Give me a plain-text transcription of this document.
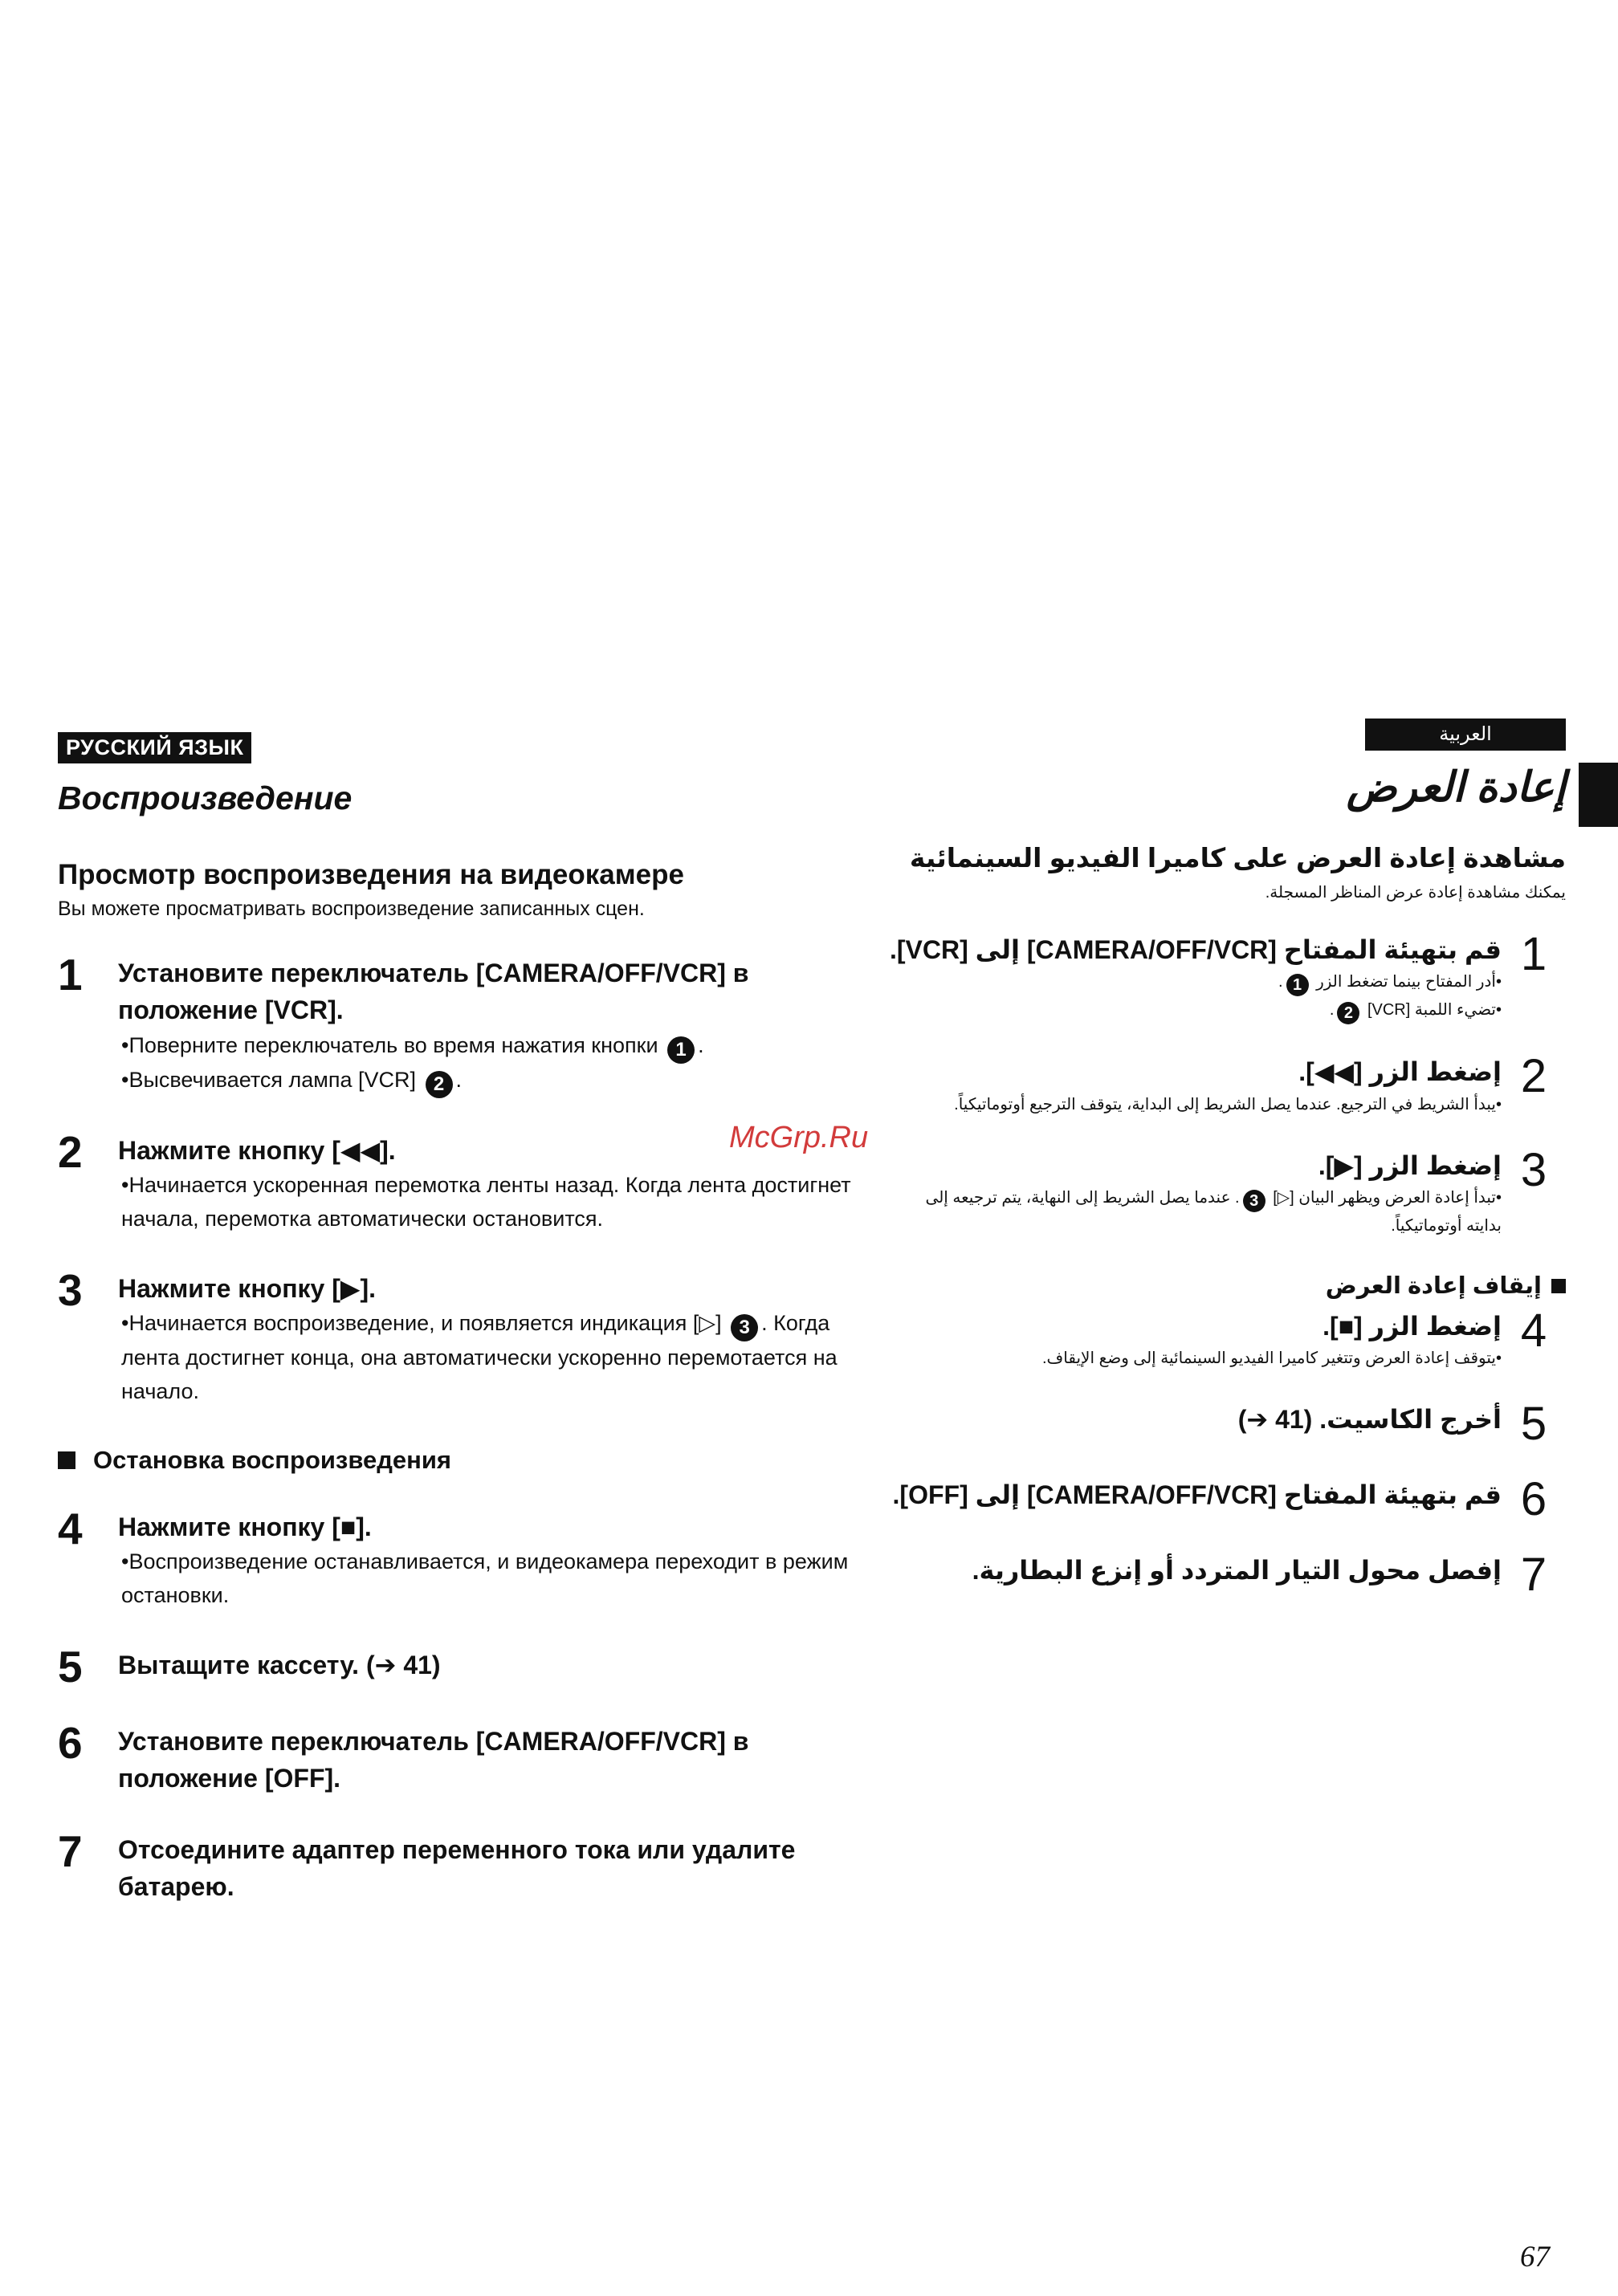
РУССКИЙ ЯЗЫК
Воспроизведение
Просмотр воспроизведения на видеокамере
Вы можете просматривать воспроизведение записанных сцен.
1	Установите переключатель [CAMERA/OFF/VCR] в положение [VCR].
•Поверните переключатель во время нажатия кнопки 1 .
•Высвечивается лампа [VCR] 2 .
2	Нажмите кнопку [◀◀].
•Начинается ускоренная перемотка ленты назад. Когда лента достигнет начала, перемотка автоматически остановится.
3	Нажмите кнопку [▶].
•Начинается воспроизведение, и появляется индикация [▷] 3 . Когда лента достигнет конца, она автоматически ускоренно перемотается на начало.
Остановка воспроизведения
4	Нажмите кнопку [■].
•Воспроизведение останавливается, и видеокамера переходит в режим остановки.
5	Вытащите кассету. (➔ 41)
6	Установите переключатель [CAMERA/OFF/VCR] в положение [OFF].
7	Отсоедините адаптер переменного тока или удалите батарею.
العربية
إعادة العرض
مشاهدة إعادة العرض على كاميرا الفيديو السينمائية
يمكنك مشاهدة إعادة عرض المناظر المسجلة.
1
قم بتهيئة المفتاح [CAMERA/OFF/VCR] إلى [VCR].
•أدر المفتاح بينما تضغط الزر 1.
•تضيء اللمبة [VCR] 2.
2
إضغط الزر [◀◀].
•يبدأ الشريط في الترجيع. عندما يصل الشريط إلى البداية، يتوقف الترجيع أوتوماتيكياً.
3
إضغط الزر [▶].
•تبدأ إعادة العرض ويظهر البيان [▷] 3. عندما يصل الشريط إلى النهاية، يتم ترجيعه إلى بدايته أوتوماتيكياً.
إيقاف إعادة العرض
4
إضغط الزر [■].
•يتوقف إعادة العرض وتتغير كاميرا الفيديو السينمائية إلى وضع الإيقاف.
5
أخرج الكاسيت. (41 ➔)
6
قم بتهيئة المفتاح [CAMERA/OFF/VCR] إلى [OFF].
7
إفصل محول التيار المتردد أو إنزع البطارية.
McGrp.Ru
67
